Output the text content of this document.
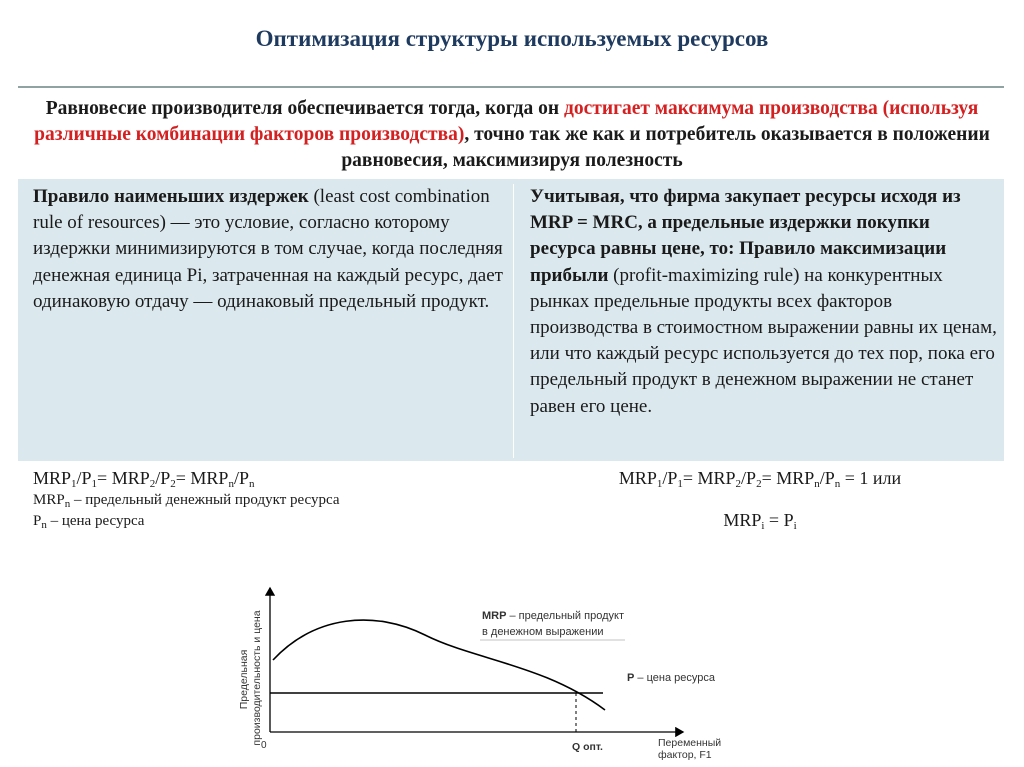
Оптимизация структуры используемых ресурсов
Равновесие производителя обеспечивается тогда, когда он достигает максимума производства (используя различные комбинации факторов производства), точно так же как и потребитель оказывается в положении равновесия, максимизируя полезность
Правило наименьших издержек (least cost combination rule of resources) — это условие, согласно которому издержки минимизируются в том случае, когда последняя денежная единица Pi, затраченная на каждый ресурс, дает одинаковую отдачу — одинаковый предельный продукт.
Учитывая, что фирма закупает ресурсы исходя из MRP = MRC, а предельные издержки покупки ресурса равны цене, то: Правило максимизации прибыли (profit-maximizing rule) на конкурентных рынках предельные продукты всех факторов производства в стоимостном выражении равны их ценам, или что каждый ресурс используется до тех пор, пока его предельный продукт в денежном выражении не станет равен его цене.
$MRP_1/P_1= MRP_2/P_2= MRP_n/P_n$
$MRP_n$ – предельный денежный продукт ресурса
$P_n$ – цена ресурса
$MRP_1/P_1= MRP_2/P_2= MRP_n/P_n = 1$ или
$MRP_i = P_i$
Предельная производительность и цена
0
MRP – предельный продукт
в денежном выражении
P – цена ресурса
Q опт.	Переменный фактор, F1
